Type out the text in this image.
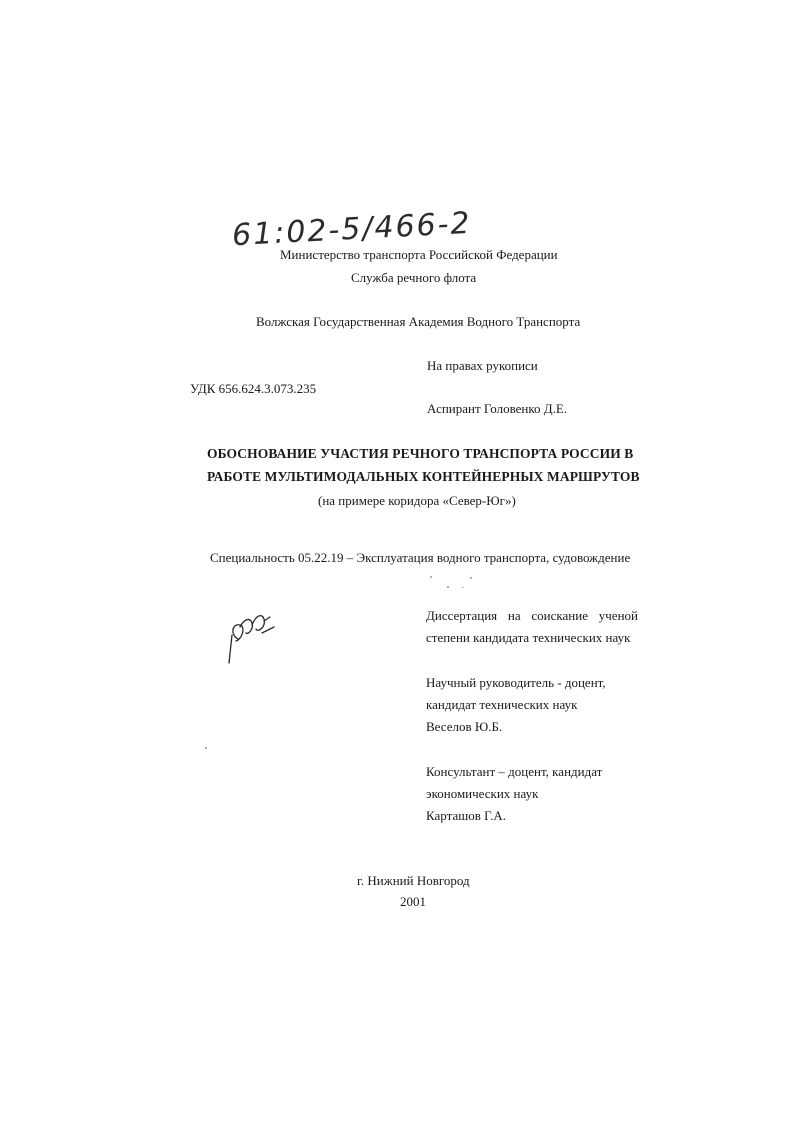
61:02-5/466-2
Министерство транспорта Российской Федерации
Служба речного флота
Волжская Государственная Академия Водного Транспорта
На правах рукописи
УДК 656.624.3.073.235
Аспирант Головенко Д.Е.
ОБОСНОВАНИЕ УЧАСТИЯ РЕЧНОГО ТРАНСПОРТА РОССИИ В
РАБОТЕ МУЛЬТИМОДАЛЬНЫХ КОНТЕЙНЕРНЫХ МАРШРУТОВ
(на примере коридора «Север-Юг»)
Специальность 05.22.19 – Эксплуатация водного транспорта, судовождение
Диссертация на соискание ученой
степени кандидата технических наук
Научный руководитель - доцент,
кандидат технических наук
Веселов Ю.Б.
Консультант – доцент, кандидат
экономических наук
Карташов Г.А.
г. Нижний Новгород
2001
